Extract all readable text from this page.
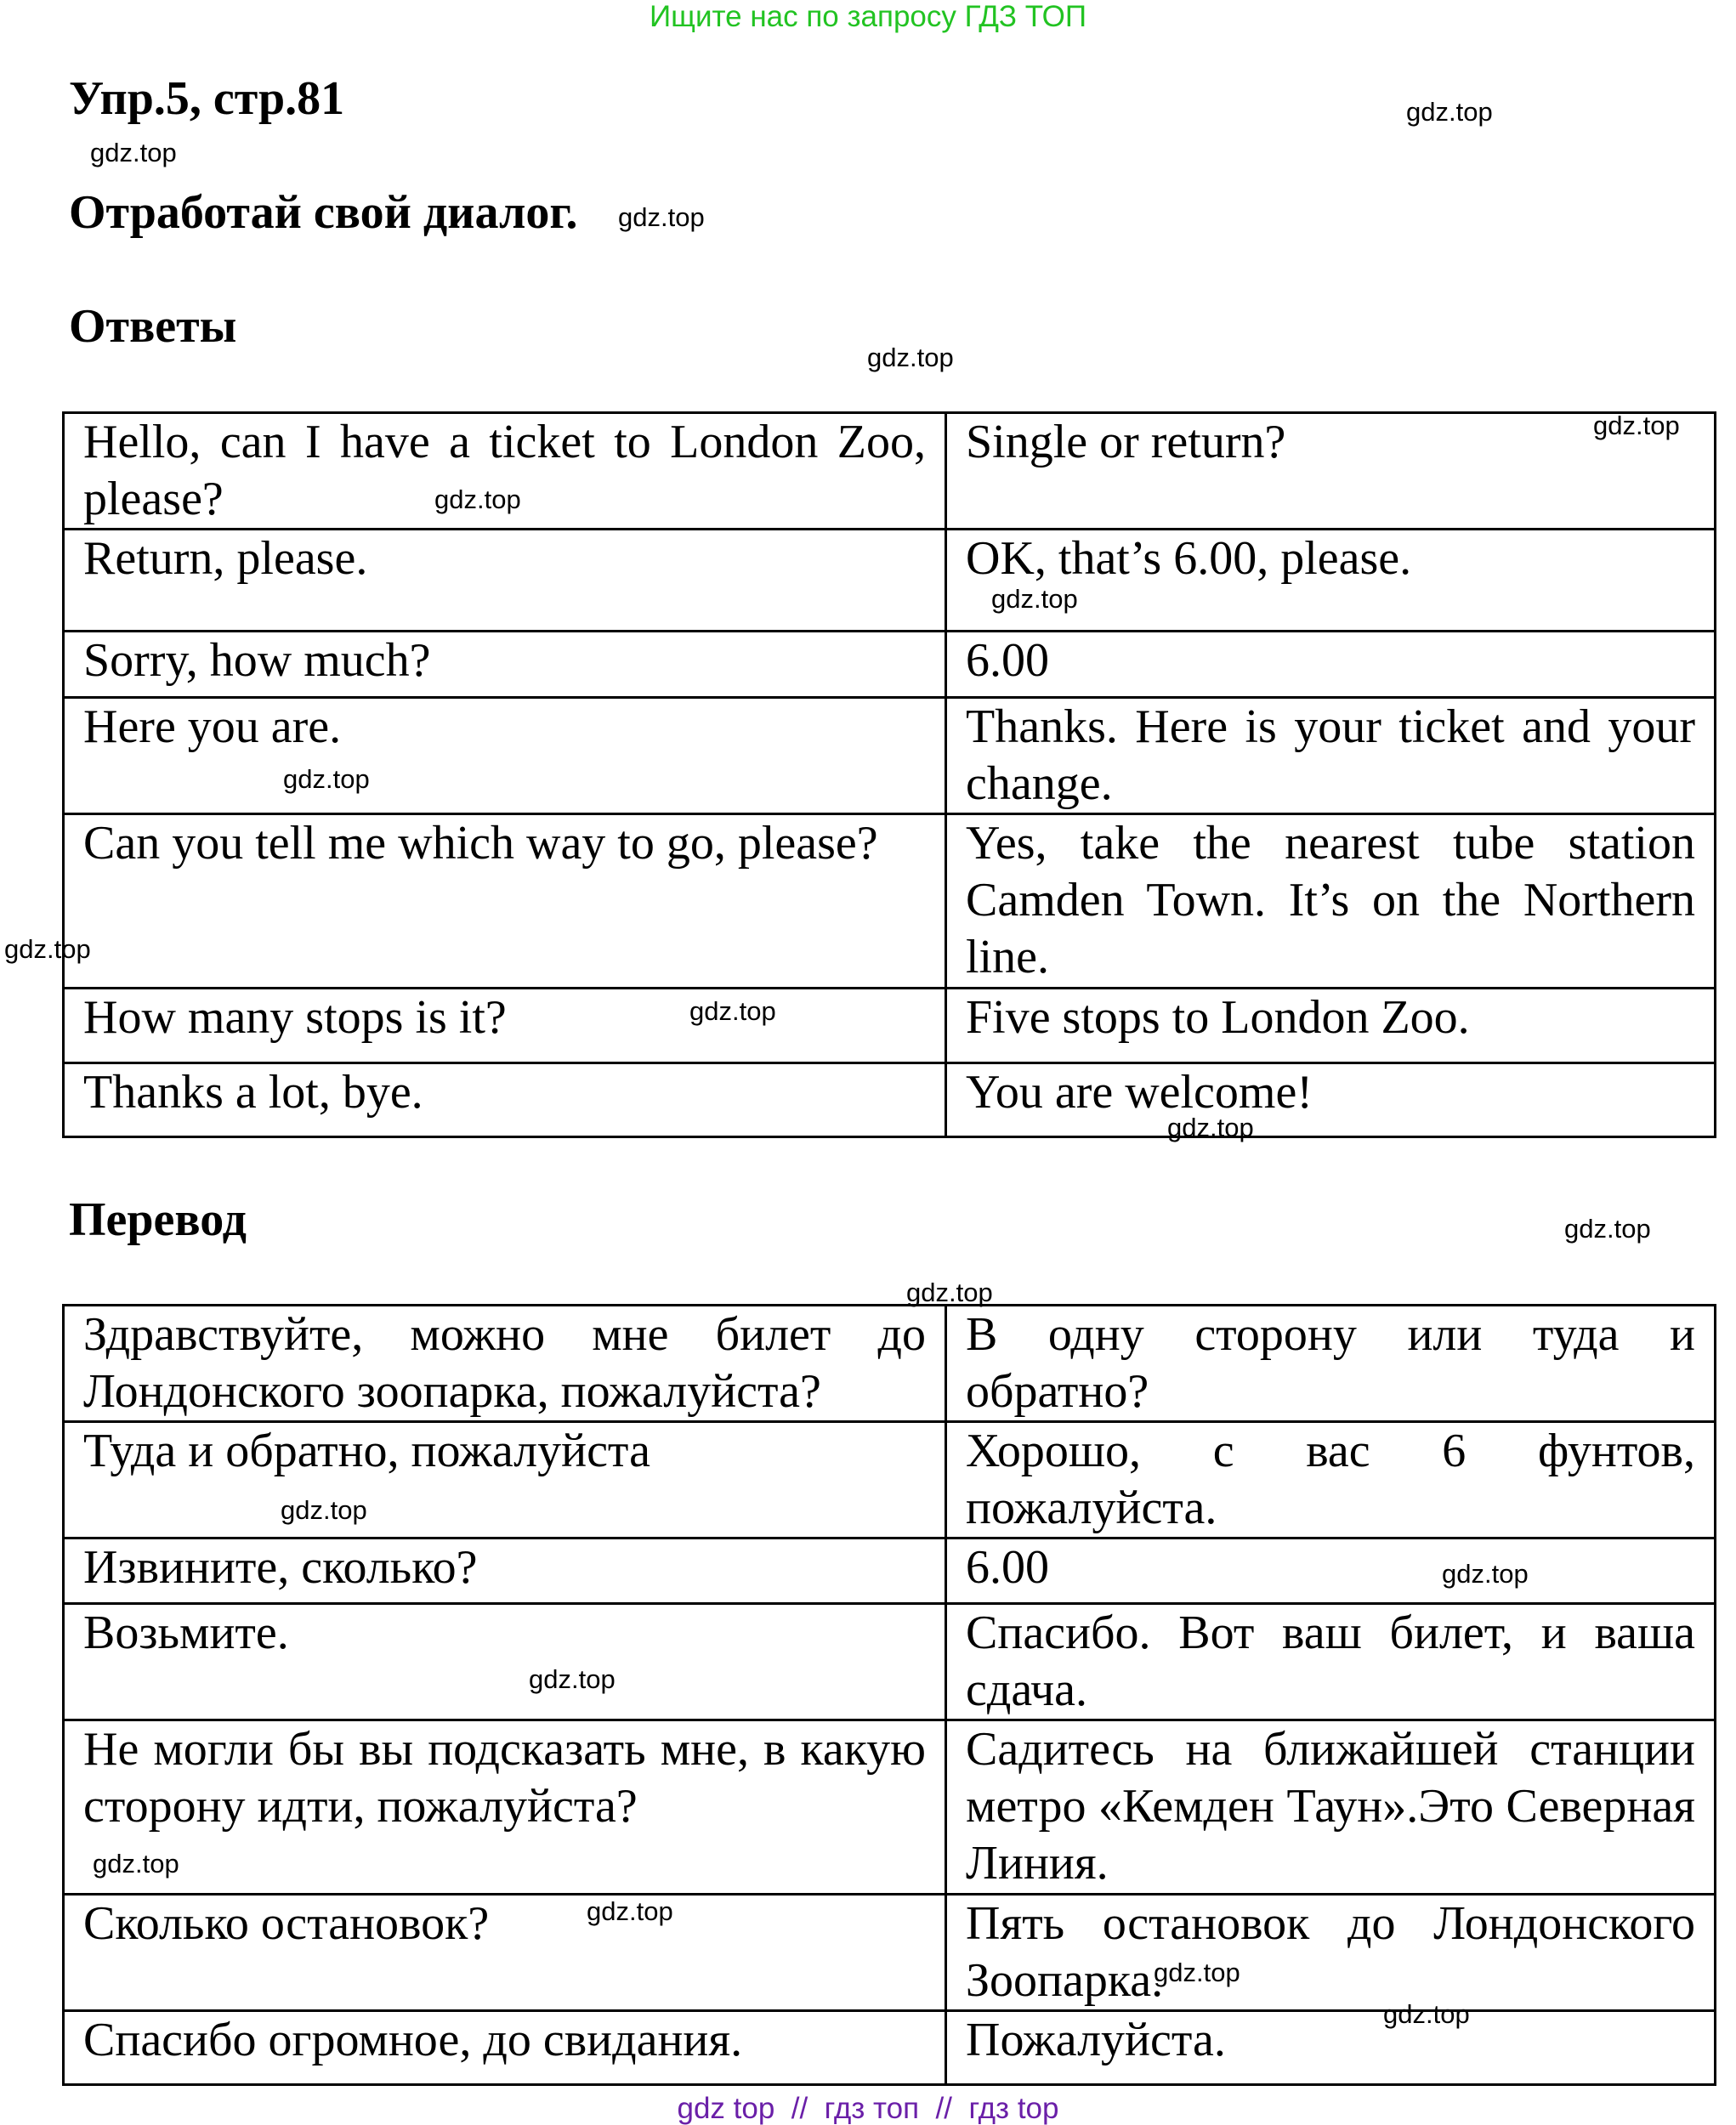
Ищите нас по запросу ГДЗ ТОП
Упр.5, стр.81
Отработай свой диалог.
Ответы
Перевод
Hello, can I have a ticket to London Zoo, please?	Single or return?
Return, please.	OK, that’s 6.00, please.
Sorry, how much?	6.00
Here you are.	Thanks. Here is your ticket and your change.
Can you tell me which way to go, please?	Yes, take the nearest tube station Camden Town. It’s on the Northern line.
How many stops is it?	Five stops to London Zoo.
Thanks a lot, bye.	You are welcome!
Здравствуйте, можно мне билет до Лондонского зоопарка, пожалуйста?	В одну сторону или туда и обратно?
Туда и обратно, пожалуйста	Хорошо, с вас 6 фунтов, пожалуйста.
Извините, сколько?	6.00
Возьмите.	Спасибо. Вот ваш билет, и ваша сдача.
Не могли бы вы подсказать мне, в какую сторону идти, пожалуйста?	Садитесь на ближайшей станции метро «Кемден Таун».Это Северная Линия.
Сколько остановок?	Пять остановок до Лондонского Зоопарка.
Спасибо огромное, до свидания.	Пожалуйста.
gdz.top
gdz.top
gdz.top
gdz.top
gdz.top
gdz.top
gdz.top
gdz.top
gdz.top
gdz.top
gdz.top
gdz.top
gdz.top
gdz.top
gdz.top
gdz.top
gdz.top
gdz.top
gdz.top
gdz.top
gdz top  //  гдз топ  //  гдз top
